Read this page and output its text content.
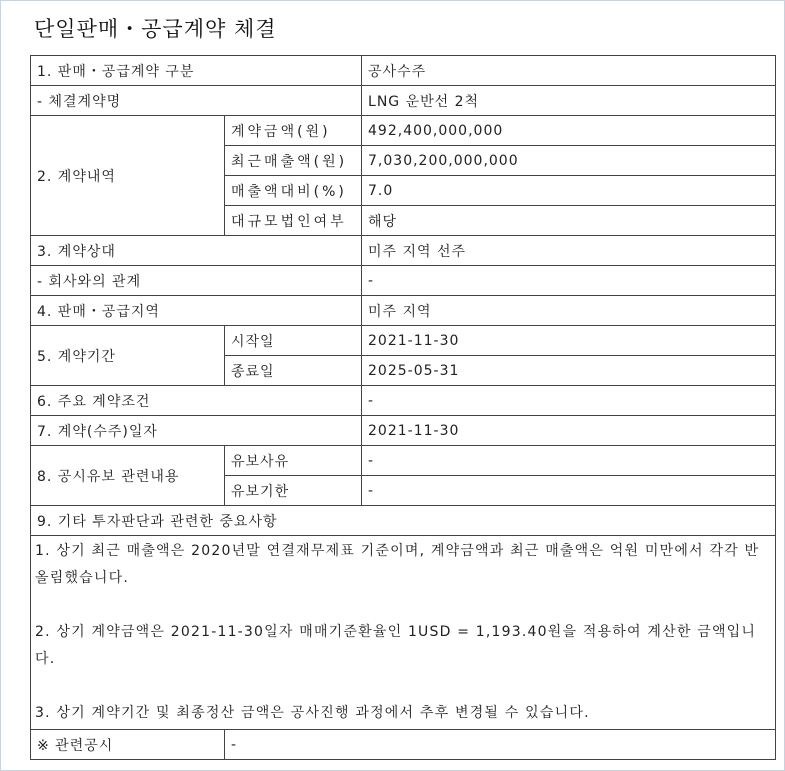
단일판매・공급계약 체결
1. 판매・공급계약 구분		공사수주
- 체결계약명		LNG 운반선 2척
2. 계약내역	계약금액(원)	492,400,000,000
	최근매출액(원)	7,030,200,000,000
	매출액대비(%)	7.0
	대규모법인여부	해당
3. 계약상대		미주 지역 선주
- 회사와의 관계		-
4. 판매・공급지역		미주 지역
5. 계약기간	시작일	2021-11-30
	종료일	2025-05-31
6. 주요 계약조건		-
7. 계약(수주)일자		2021-11-30
8. 공시유보 관련내용	유보사유	-
	유보기한	-
9. 기타 투자판단과 관련한 중요사항		

1. 상기 최근 매출액은 2020년말 연결재무제표 기준이며, 계약금액과 최근 매출액은 억원 미만에서 각각 반올림했습니다.

2. 상기 계약금액은 2021-11-30일자 매매기준환율인 1USD = 1,193.40원을 적용하여 계산한 금액입니다.

3. 상기 계약기간 및 최종정산 금액은 공사진행 과정에서 추후 변경될 수 있습니다.		

※ 관련공시	-	
